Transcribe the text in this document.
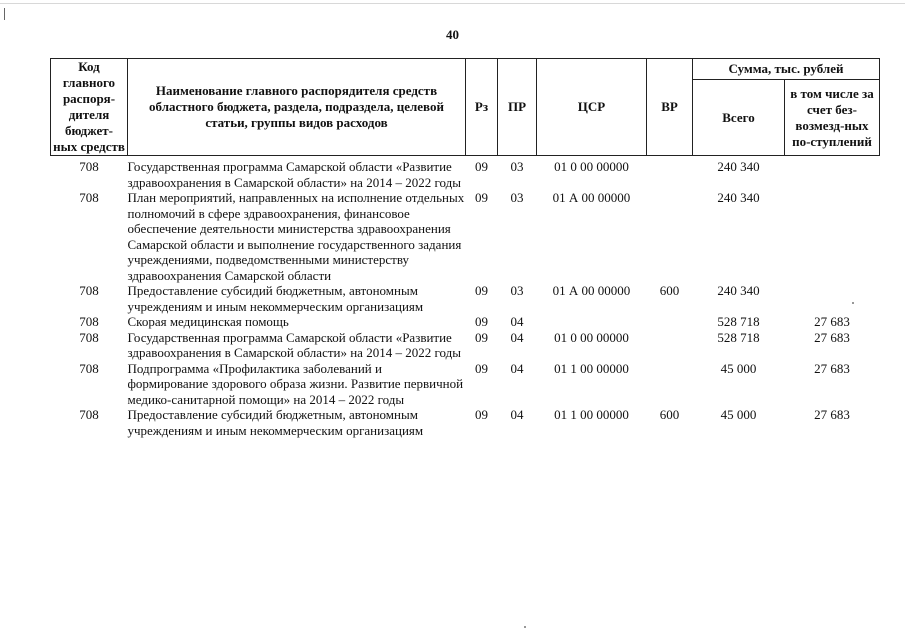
40
Код главного распоря-дителя бюджет-ных средств	Наименование главного распорядителя средств областного бюджета, раздела, подраздела, целевой статьи, группы видов расходов	Рз	ПР	ЦСР	ВР	Сумма, тыс. рублей	
						Всего	в том числе за счет без-возмезд-ных по-ступлений

708	Государственная программа Самарской области «Развитие здравоохранения в Самарской области» на 2014 – 2022 годы	09	03	01 0 00 00000		240 340	
708	План мероприятий, направленных на исполнение отдельных полномочий в сфере здравоохранения, финансовое обеспечение деятельности министерства здравоохранения Самарской области и выполнение государственного задания учреждениями, подведомственными министерству здравоохранения Самарской области	09	03	01 А 00 00000		240 340	
708	Предоставление субсидий бюджетным, автономным учреждениям и иным некоммерческим организациям	09	03	01 А 00 00000	600	240 340	
708	Скорая медицинская помощь	09	04			528 718	27 683
708	Государственная программа Самарской области «Развитие здравоохранения в Самарской области» на 2014 – 2022 годы	09	04	01 0 00 00000		528 718	27 683
708	Подпрограмма «Профилактика заболеваний и формирование здорового образа жизни. Развитие первичной медико-санитарной помощи» на 2014 – 2022 годы	09	04	01 1 00 00000		45 000	27 683
708	Предоставление субсидий бюджетным, автономным учреждениям и иным некоммерческим организациям	09	04	01 1 00 00000	600	45 000	27 683
